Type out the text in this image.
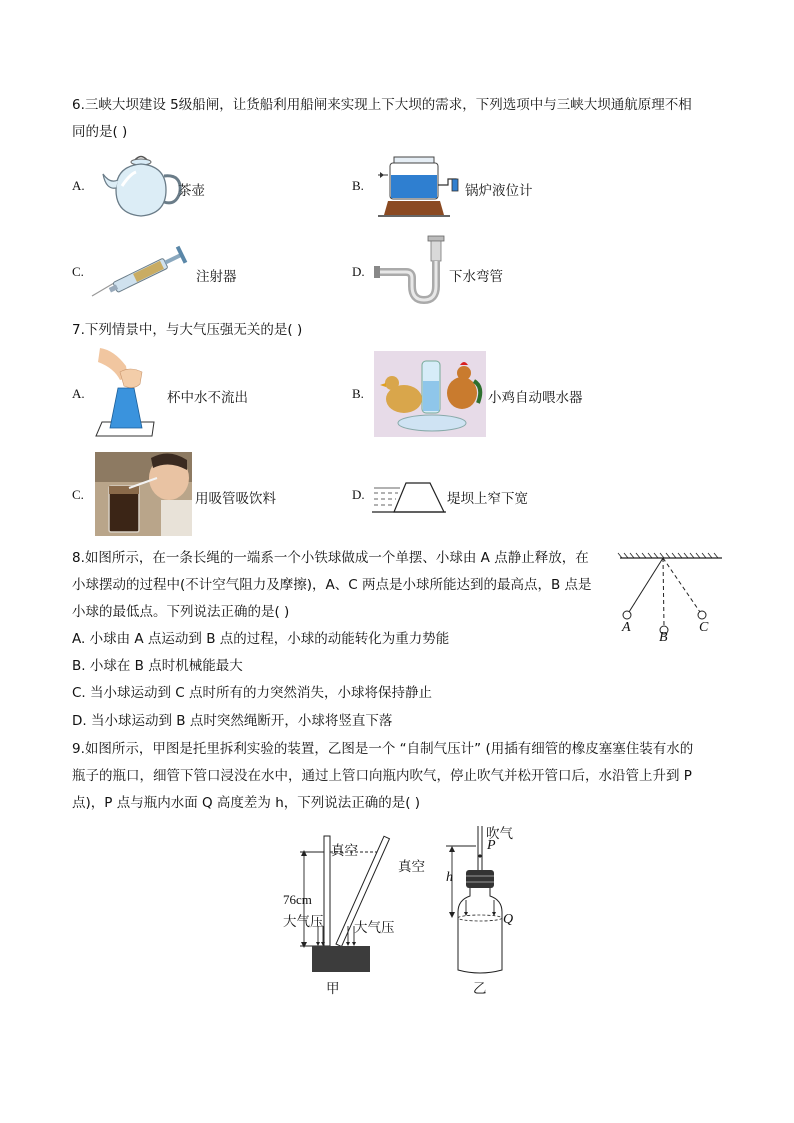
6.三峡大坝建设 5级船闸，让货船利用船闸来实现上下大坝的需求，下列选项中与三峡大坝通航原理不相
同的是( )
A.	茶壶	B.	锅炉液位计
C.	注射器	D.	下水弯管
7.下列情景中，与大气压强无关的是( )
A.	杯中水不流出	B.	小鸡自动喂水器
C.	用吸管吸饮料	D.	堤坝上窄下宽
8.如图所示，在一条长绳的一端系一个小铁球做成一个单摆、小球由 A 点静止释放，在
小球摆动的过程中(不计空气阻力及摩擦)，A、C 两点是小球所能达到的最高点，B 点是
小球的最低点。下列说法正确的是( )
A. 小球由 A 点运动到 B 点的过程，小球的动能转化为重力势能
B. 小球在 B 点时机械能最大
C. 当小球运动到 C 点时所有的力突然消失，小球将保持静止
D. 当小球运动到 B 点时突然绳断开，小球将竖直下落
A
B
C
9.如图所示，甲图是托里拆利实验的装置，乙图是一个 “自制气压计” (用插有细管的橡皮塞塞住装有水的
瓶子的瓶口，细管下管口浸没在水中，通过上管口向瓶内吹气，停止吹气并松开管口后，水沿管上升到 P
点)，P 点与瓶内水面 Q 高度差为 h，下列说法正确的是( )
真空
真空
76cm
大气压 大气压
甲
吹气
P
h
Q
乙
